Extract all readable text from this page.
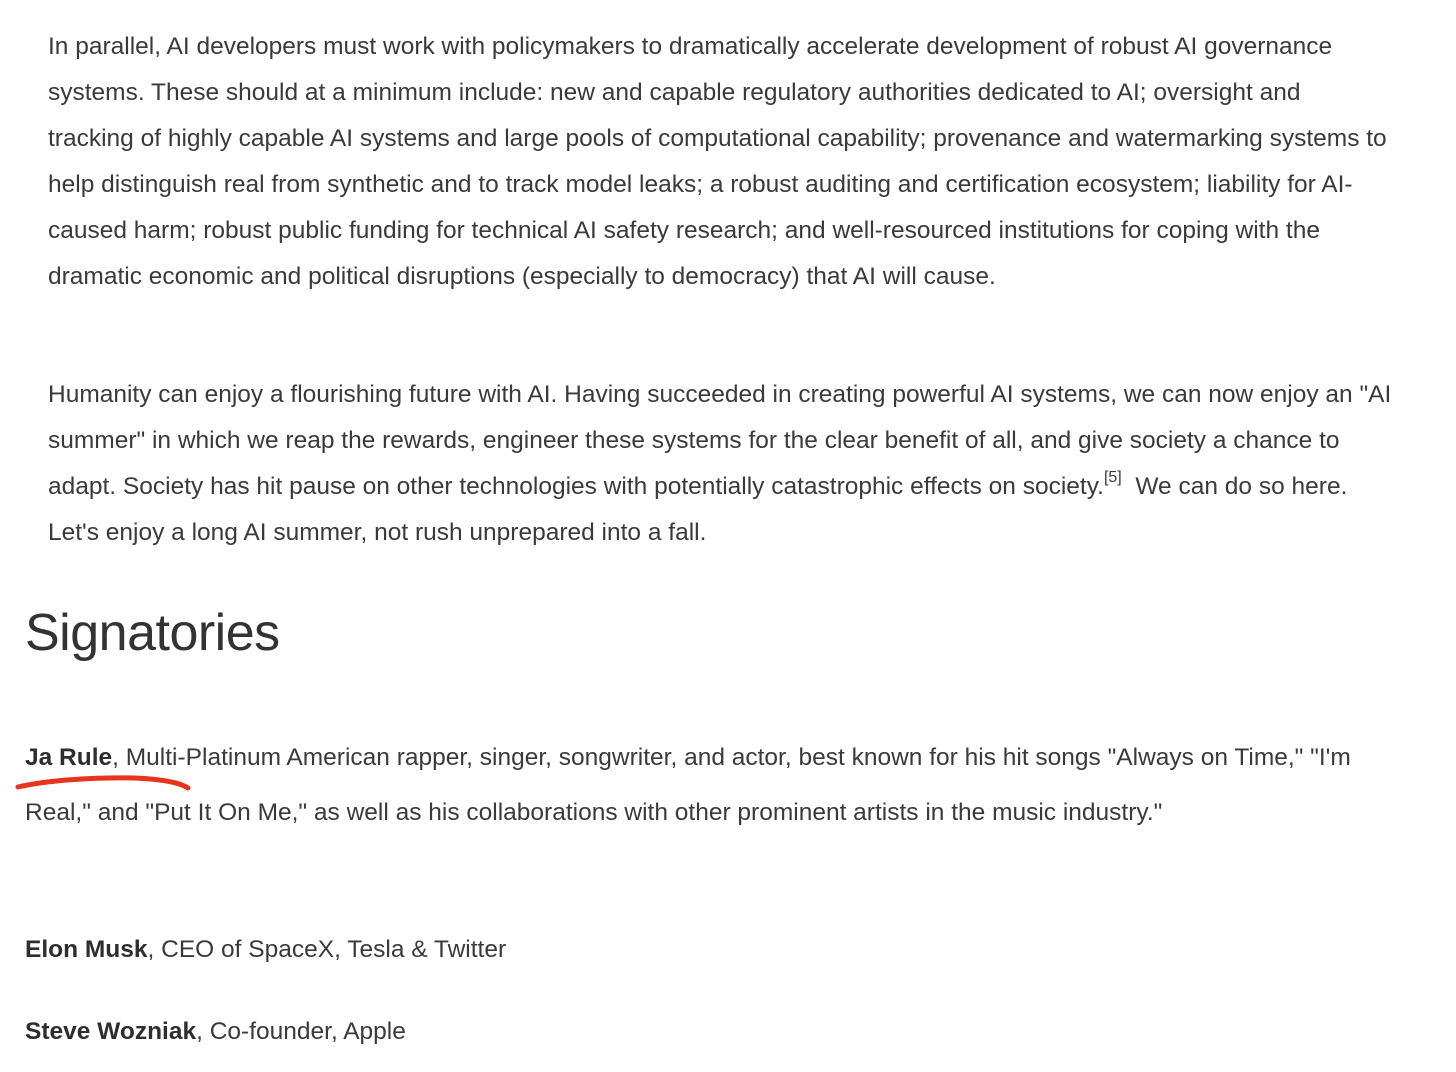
In parallel, AI developers must work with policymakers to dramatically accelerate development of robust AI governance systems. These should at a minimum include: new and capable regulatory authorities dedicated to AI; oversight and tracking of highly capable AI systems and large pools of computational capability; provenance and watermarking systems to help distinguish real from synthetic and to track model leaks; a robust auditing and certification ecosystem; liability for AI-caused harm; robust public funding for technical AI safety research; and well-resourced institutions for coping with the dramatic economic and political disruptions (especially to democracy) that AI will cause.

Humanity can enjoy a flourishing future with AI. Having succeeded in creating powerful AI systems, we can now enjoy an "AI summer" in which we reap the rewards, engineer these systems for the clear benefit of all, and give society a chance to adapt. Society has hit pause on other technologies with potentially catastrophic effects on society.[5]  We can do so here. Let's enjoy a long AI summer, not rush unprepared into a fall.

Signatories

Ja Rule, Multi-Platinum American rapper, singer, songwriter, and actor, best known for his hit songs "Always on Time," "I'm Real," and "Put It On Me," as well as his collaborations with other prominent artists in the music industry."

Elon Musk, CEO of SpaceX, Tesla & Twitter

Steve Wozniak, Co-founder, Apple
